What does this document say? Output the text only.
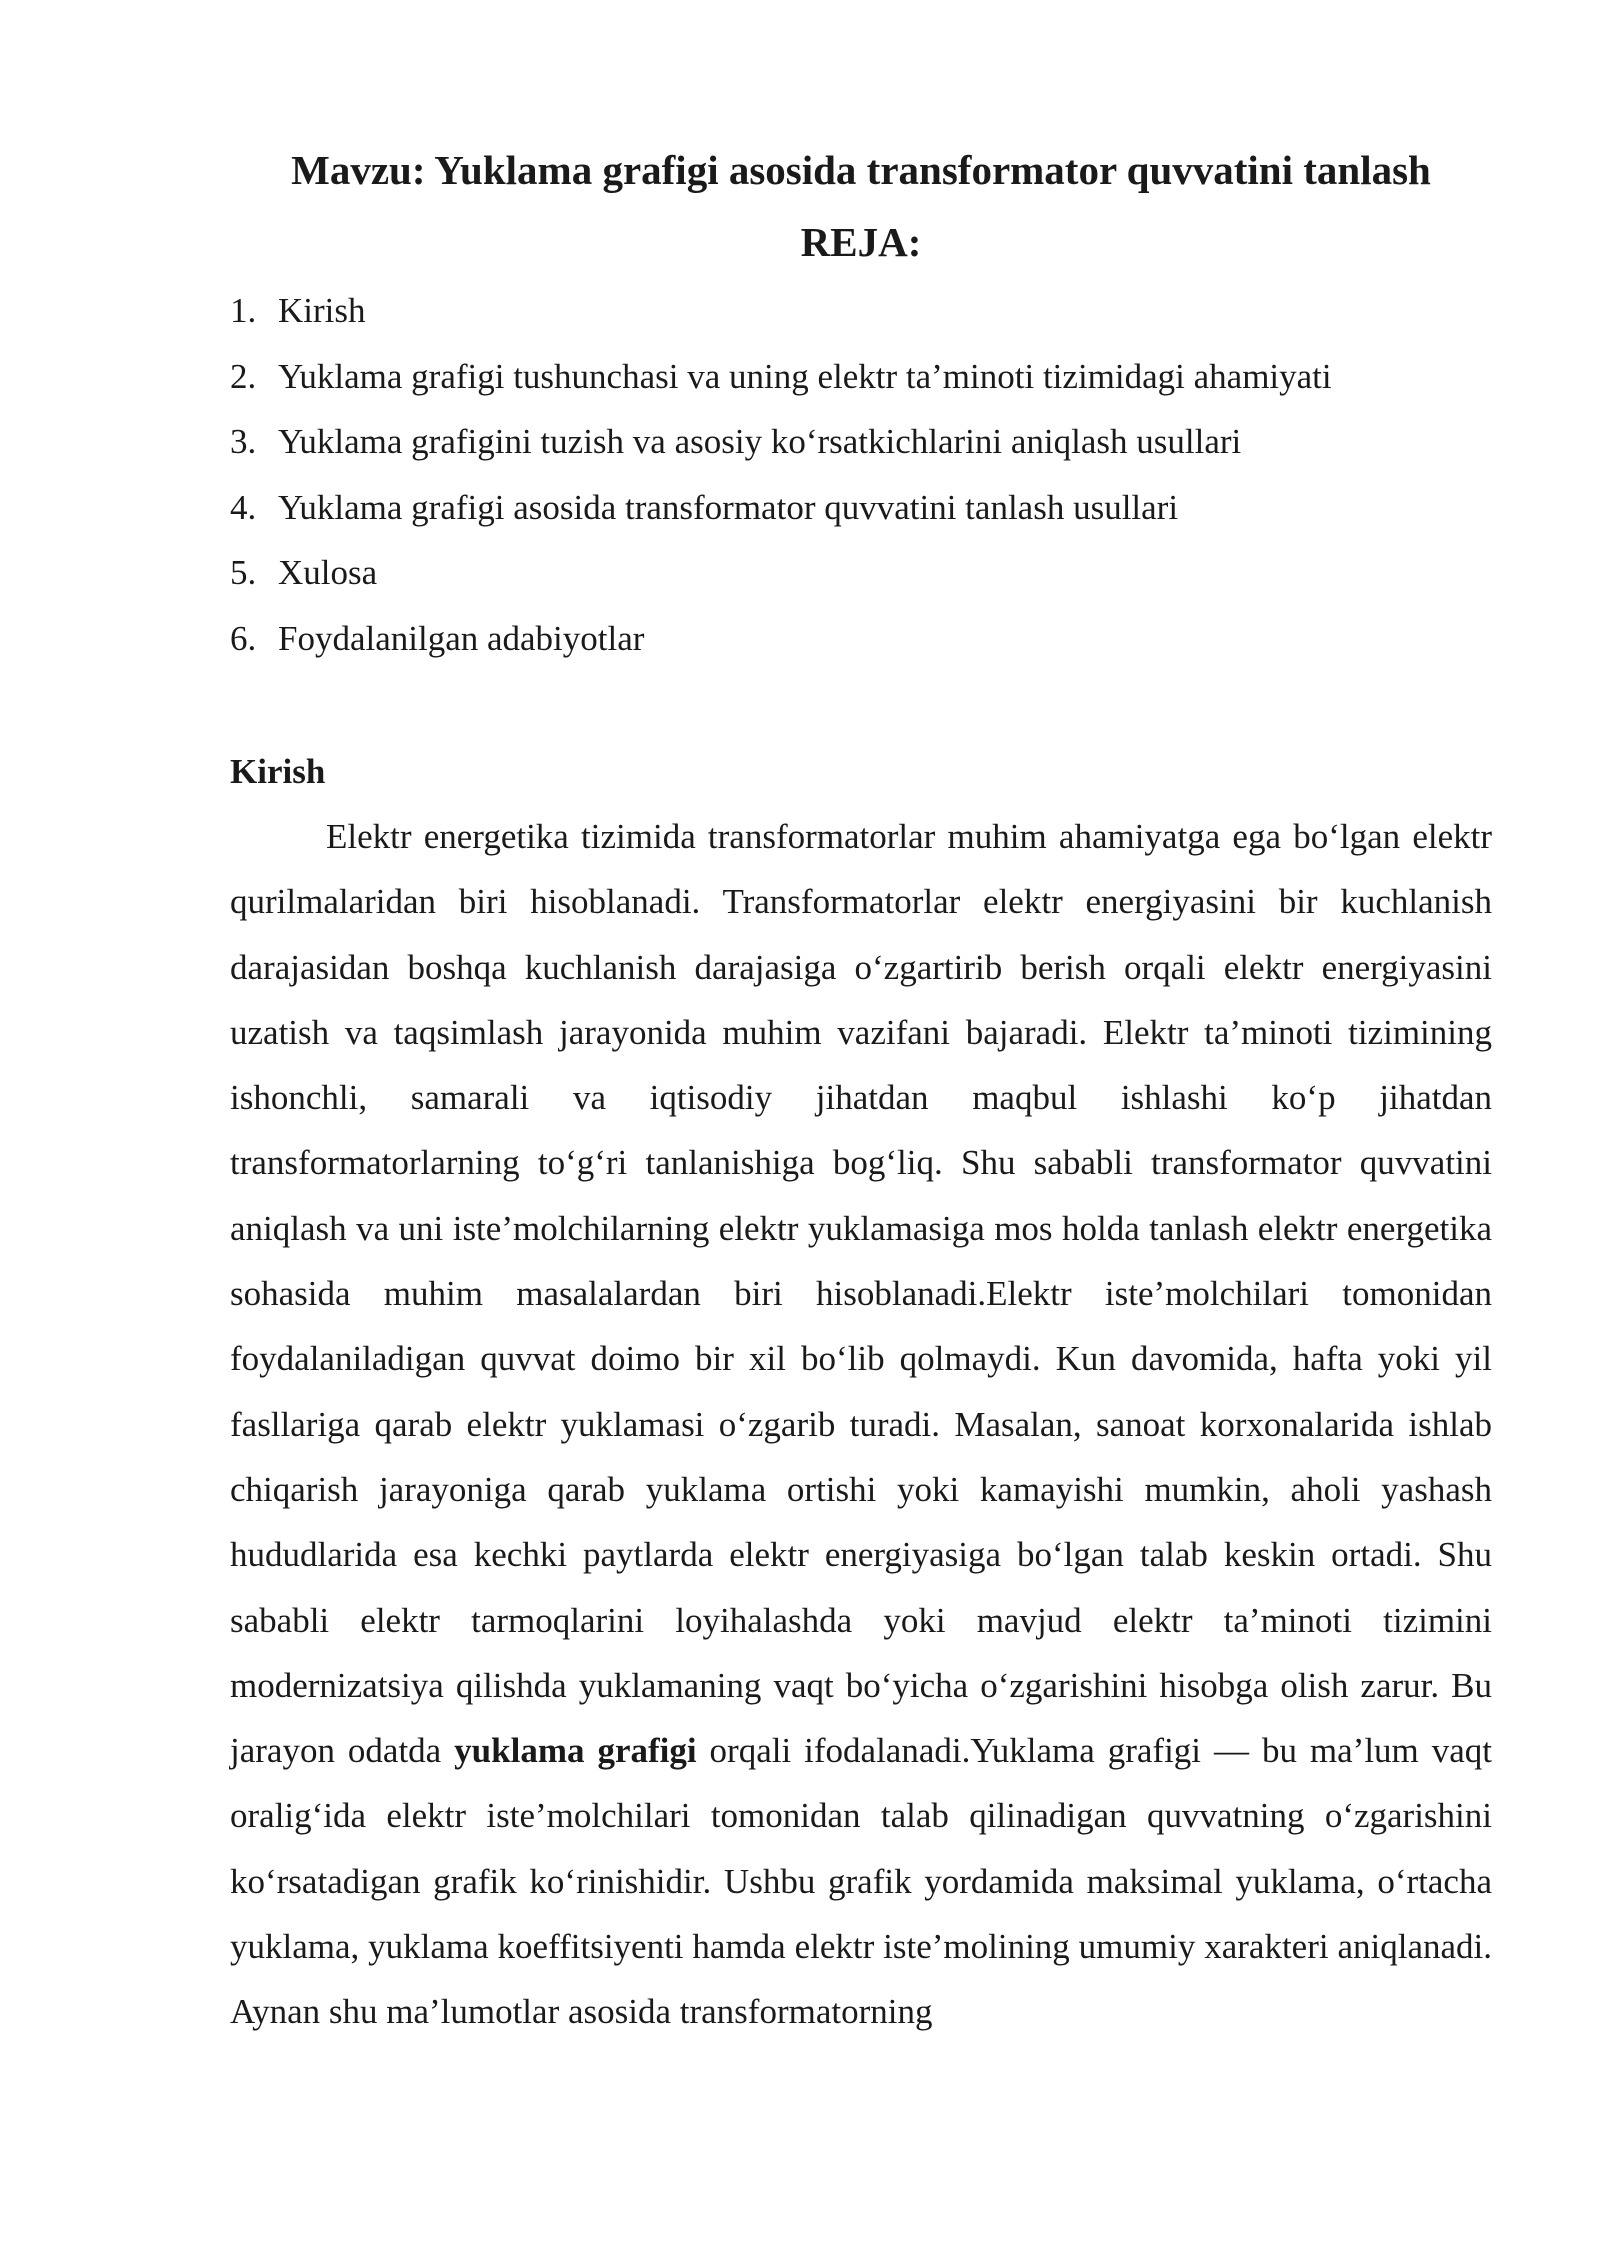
Mavzu: Yuklama grafigi asosida transformator quvvatini tanlash
REJA:
1. Kirish
2. Yuklama grafigi tushunchasi va uning elektr ta’minoti tizimidagi ahamiyati
3. Yuklama grafigini tuzish va asosiy ko‘rsatkichlarini aniqlash usullari
4. Yuklama grafigi asosida transformator quvvatini tanlash usullari
5. Xulosa
6. Foydalanilgan adabiyotlar
Kirish

Elektr energetika tizimida transformatorlar muhim ahamiyatga ega bo‘lgan elektr qurilmalaridan biri hisoblanadi. Transformatorlar elektr energiyasini bir kuchlanish darajasidan boshqa kuchlanish darajasiga o‘zgartirib berish orqali elektr energiyasini uzatish va taqsimlash jarayonida muhim vazifani bajaradi. Elektr ta’minoti tizimining ishonchli, samarali va iqtisodiy jihatdan maqbul ishlashi ko‘p jihatdan transformatorlarning to‘g‘ri tanlanishiga bog‘liq. Shu sababli transformator quvvatini aniqlash va uni iste’molchilarning elektr yuklamasiga mos holda tanlash elektr energetika sohasida muhim masalalardan biri hisoblanadi.Elektr iste’molchilari tomonidan foydalaniladigan quvvat doimo bir xil bo‘lib qolmaydi. Kun davomida, hafta yoki yil fasllariga qarab elektr yuklamasi o‘zgarib turadi. Masalan, sanoat korxonalarida ishlab chiqarish jarayoniga qarab yuklama ortishi yoki kamayishi mumkin, aholi yashash hududlarida esa kechki paytlarda elektr energiyasiga bo‘lgan talab keskin ortadi. Shu sababli elektr tarmoqlarini loyihalashda yoki mavjud elektr ta’minoti tizimini modernizatsiya qilishda yuklamaning vaqt bo‘yicha o‘zgarishini hisobga olish zarur. Bu jarayon odatda yuklama grafigi orqali ifodalanadi.Yuklama grafigi — bu ma’lum vaqt oralig‘ida elektr iste’molchilari tomonidan talab qilinadigan quvvatning o‘zgarishini ko‘rsatadigan grafik ko‘rinishidir. Ushbu grafik yordamida maksimal yuklama, o‘rtacha yuklama, yuklama koeffitsiyenti hamda elektr iste’molining umumiy xarakteri aniqlanadi. Aynan shu ma’lumotlar asosida transformatorning
